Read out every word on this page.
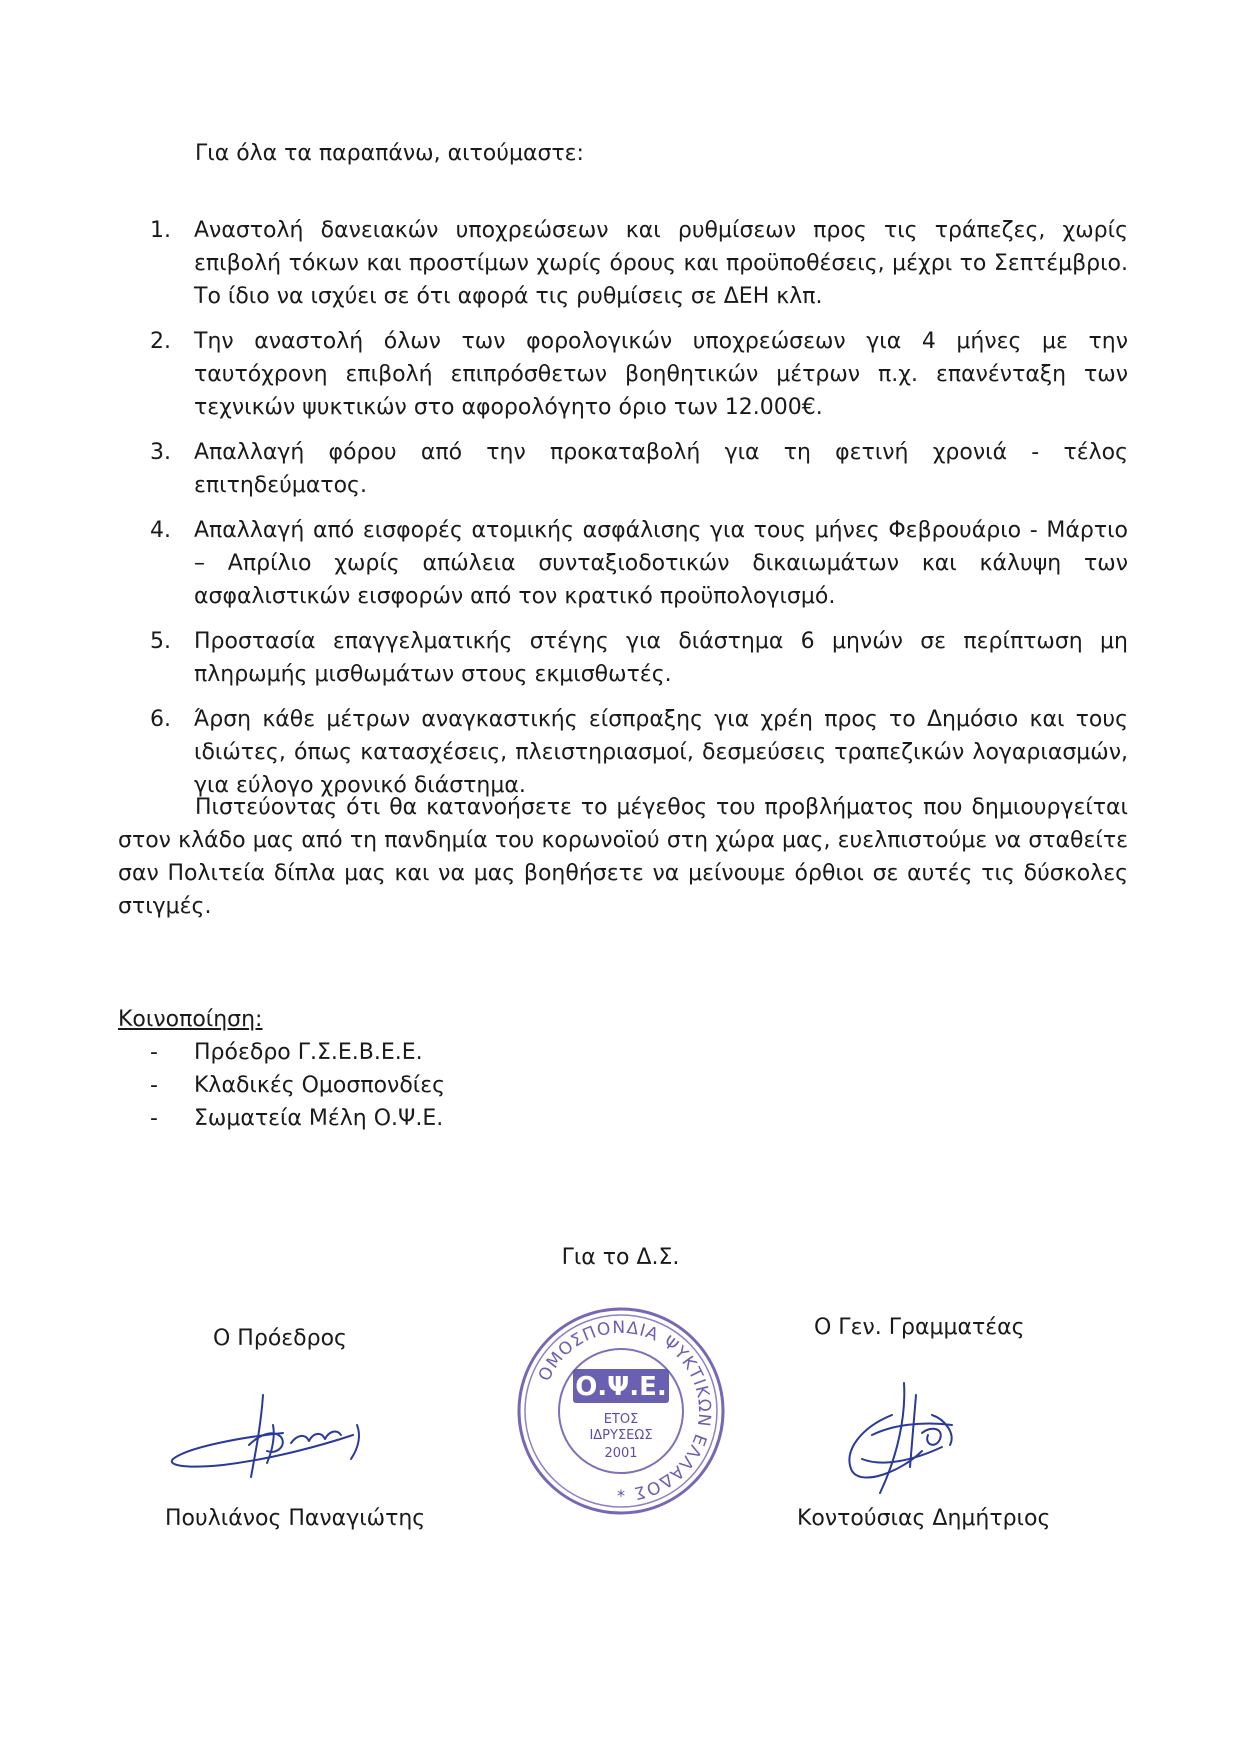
Για όλα τα παραπάνω, αιτούμαστε:
1.	Αναστολή δανειακών υποχρεώσεων και ρυθμίσεων προς τις τράπεζες, χωρίς επιβολή τόκων και προστίμων χωρίς όρους και προϋποθέσεις, μέχρι το Σεπτέμβριο. Το ίδιο να ισχύει σε ότι αφορά τις ρυθμίσεις σε ΔΕΗ κλπ.
2.	Την αναστολή όλων των φορολογικών υποχρεώσεων για 4 μήνες με την ταυτόχρονη επιβολή επιπρόσθετων βοηθητικών μέτρων π.χ. επανένταξη των τεχνικών ψυκτικών στο αφορολόγητο όριο των 12.000€.
3.	Απαλλαγή φόρου από την προκαταβολή για τη φετινή χρονιά - τέλος επιτηδεύματος.
4.	Απαλλαγή από εισφορές ατομικής ασφάλισης για τους μήνες Φεβρουάριο - Μάρτιο – Απρίλιο χωρίς απώλεια συνταξιοδοτικών δικαιωμάτων και κάλυψη των ασφαλιστικών εισφορών από τον κρατικό προϋπολογισμό.
5.	Προστασία επαγγελματικής στέγης για διάστημα 6 μηνών σε περίπτωση μη πληρωμής μισθωμάτων στους εκμισθωτές.
6.	Άρση κάθε μέτρων αναγκαστικής είσπραξης για χρέη προς το Δημόσιο και τους ιδιώτες, όπως κατασχέσεις, πλειστηριασμοί, δεσμεύσεις τραπεζικών λογαριασμών, για εύλογο χρονικό διάστημα.

Πιστεύοντας ότι θα κατανοήσετε το μέγεθος του προβλήματος που δημιουργείται στον κλάδο μας από τη πανδημία του κορωνοϊού στη χώρα μας, ευελπιστούμε να σταθείτε σαν Πολιτεία δίπλα μας και να μας βοηθήσετε να μείνουμε όρθιοι σε αυτές τις δύσκολες στιγμές.

Κοινοποίηση:
-	Πρόεδρο Γ.Σ.Ε.Β.Ε.Ε.
-	Κλαδικές Ομοσπονδίες
-	Σωματεία Μέλη Ο.Ψ.Ε.
Για το Δ.Σ.
Ο Πρόεδρος	Ο Γεν. Γραμματέας
ΟΜΟΣΠΟΝΔΙΑ ΨΥΚΤΙΚΩΝ ΕΛΛΑΔΟΣ
Ο.Ψ.Ε.
ΕΤΟΣ
ΙΔΡΥΣΕΩΣ
2001
*
Πουλιάνος Παναγιώτης	Κοντούσιας Δημήτριος
